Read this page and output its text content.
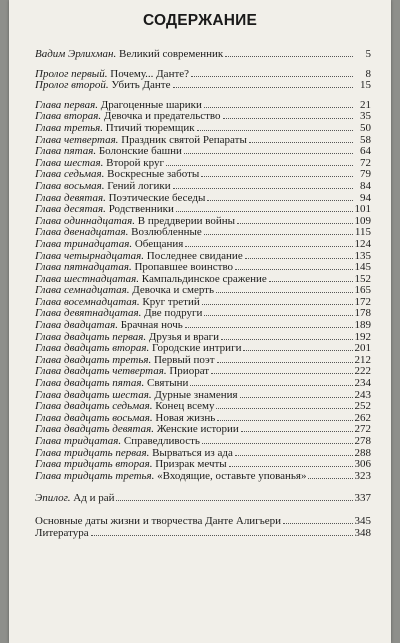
СОДЕРЖАНИЕ
Вадим Эрлихман. Великий современник	5
Пролог первый. Почему... Данте?	8
Пролог второй. Убить Данте	15
Глава первая. Драгоценные шарики	21
Глава вторая. Девочка и предательство	35
Глава третья. Птичий тюремщик	50
Глава четвертая. Праздник святой Репараты	58
Глава пятая. Болонские башни	64
Глава шестая. Второй круг	72
Глава седьмая. Воскресные заботы	79
Глава восьмая. Гений логики	84
Глава девятая. Поэтические беседы	94
Глава десятая. Родственники	101
Глава одиннадцатая. В преддверии войны	109
Глава двенадцатая. Возлюбленные	115
Глава тринадцатая. Обещания	124
Глава четырнадцатая. Последнее свидание	135
Глава пятнадцатая. Пропавшее воинство	145
Глава шестнадцатая. Кампальдинское сражение	152
Глава семнадцатая. Девочка и смерть	165
Глава восемнадцатая. Круг третий	172
Глава девятнадцатая. Две подруги	178
Глава двадцатая. Брачная ночь	189
Глава двадцать первая. Друзья и враги	192
Глава двадцать вторая. Городские интриги	201
Глава двадцать третья. Первый поэт	212
Глава двадцать четвертая. Приорат	222
Глава двадцать пятая. Святыни	234
Глава двадцать шестая. Дурные знамения	243
Глава двадцать седьмая. Конец всему	252
Глава двадцать восьмая. Новая жизнь	262
Глава двадцать девятая. Женские истории	272
Глава тридцатая. Справедливость	278
Глава тридцать первая. Вырваться из ада	288
Глава тридцать вторая. Призрак мечты	306
Глава тридцать третья. «Входящие, оставьте упованья»	323
Эпилог. Ад и рай	337
Основные даты жизни и творчества Данте Алигьери	345
Литература	348
